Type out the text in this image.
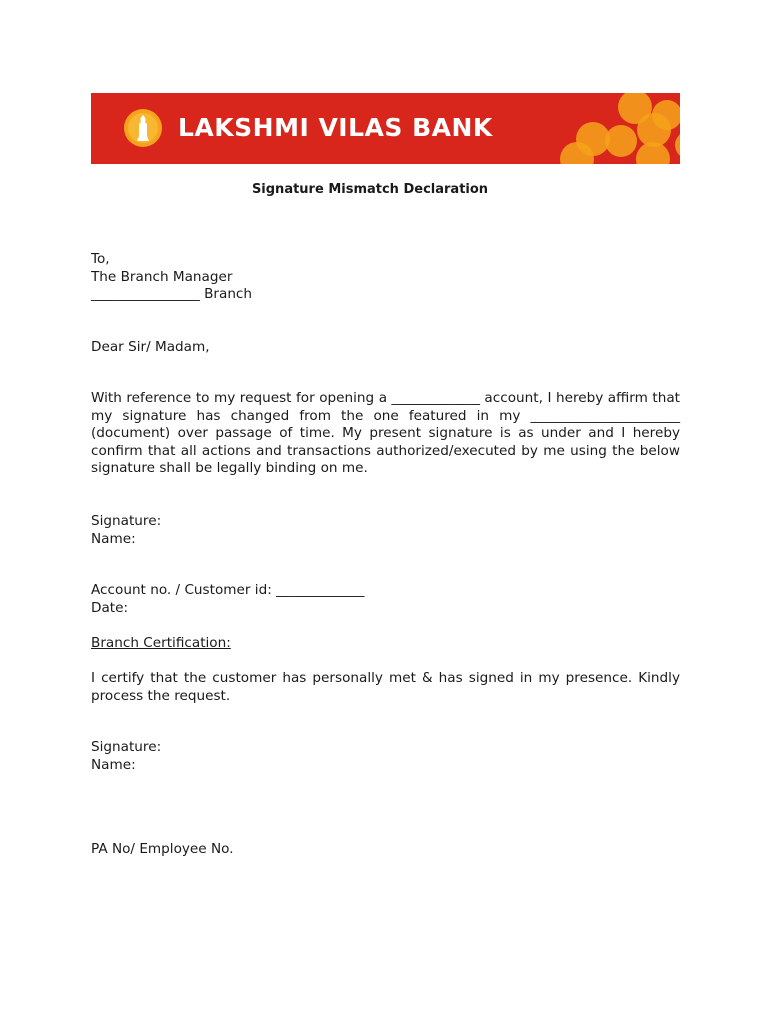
LAKSHMI VILAS BANK
Signature Mismatch Declaration
To,
The Branch Manager
________________ Branch
Dear Sir/ Madam,
With reference to my request for opening a _____________ account, I hereby affirm that my signature has changed from the one featured in my ______________________ (document) over passage of time. My present signature is as under and I hereby confirm that all actions and transactions authorized/executed by me using the below signature shall be legally binding on me.
Signature:
Name:
Account no. / Customer id: _____________
Date:
Branch Certification:
I certify that the customer has personally met & has signed in my presence. Kindly process the request.
Signature:
Name:
PA No/ Employee No.
